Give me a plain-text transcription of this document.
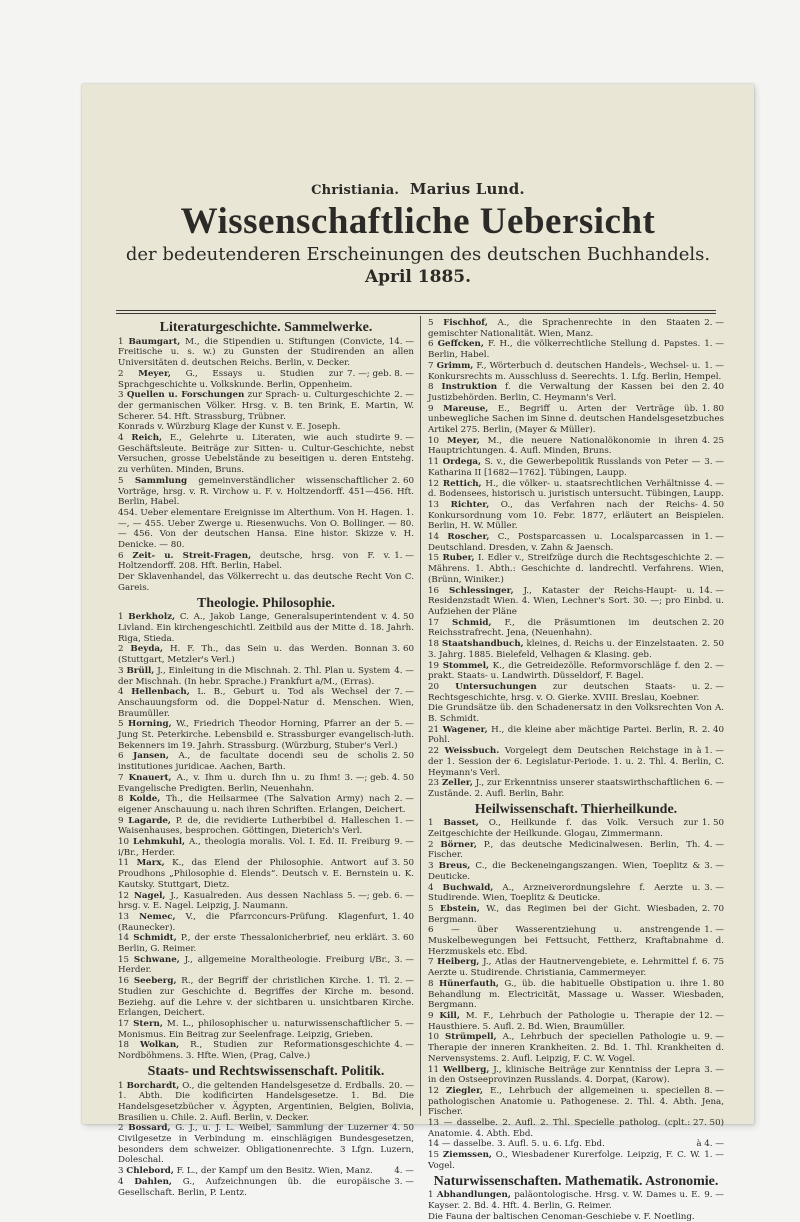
Christiania. Marius Lund.
Wissenschaftliche Uebersicht
der bedeutenderen Erscheinungen des deutschen Buchhandels.
April 1885.
Literaturgeschichte. Sammelwerke.

14. —
1 Baumgart, M., die Stipendien u. Stiftungen (Convicte, Freitische u. s. w.) zu Gunsten der Studirenden an allen Universitäten d. deutschen Reichs. Berlin, v. Decker.

7. —; geb. 8. —
2 Meyer, G., Essays u. Studien zur Sprachgeschichte u. Volkskunde. Berlin, Oppenheim.

2. —
3 Quellen u. Forschungen zur Sprach- u. Culturgeschichte der germanischen Völker. Hrsg. v. B. ten Brink, E. Martin, W. Scherer. 54. Hft. Strassburg, Trübner.

Konrads v. Würzburg Klage der Kunst v. E. Joseph.

9. —
4 Reich, E., Gelehrte u. Literaten, wie auch studirte Geschäftsleute. Beiträge zur Sitten- u. Cultur-Geschichte, nebst Versuchen, grosse Uebelstände zu beseitigen u. deren Entstehg. zu verhüten. Minden, Bruns.

2. 60
5 Sammlung gemeinverständlicher wissenschaftlicher Vorträge, hrsg. v. R. Virchow u. F. v. Holtzendorff. 451—456. Hft. Berlin, Habel.

454. Ueber elementare Ereignisse im Alterthum. Von H. Hagen. 1. —, — 455. Ueber Zwerge u. Riesenwuchs. Von O. Bollinger. — 80. — 456. Von der deutschen Hansa. Eine histor. Skizze v. H. Denicke. — 80.

1. —
6 Zeit- u. Streit-Fragen, deutsche, hrsg. von F. v. Holtzendorff. 208. Hft. Berlin, Habel.

Der Sklavenhandel, das Völkerrecht u. das deutsche Recht Von C. Gareis.

Theologie. Philosophie.

4. 50
1 Berkholz, C. A., Jakob Lange, Generalsuperintendent v. Livland. Ein kirchengeschichtl. Zeitbild aus der Mitte d. 18. Jahrh. Riga, Stieda.

3. 60
2 Beyda, H. F. Th., das Sein u. das Werden. Bonnan (Stuttgart, Metzler's Verl.)

4. —
3 Brüll, J., Einleitung in die Mischnah. 2. Thl. Plan u. System der Mischnah. (In hebr. Sprache.) Frankfurt a/M., (Erras).

7. —
4 Hellenbach, L. B., Geburt u. Tod als Wechsel der Anschauungsform od. die Doppel-Natur d. Menschen. Wien, Braumüller.

5. —
5 Horning, W., Friedrich Theodor Horning, Pfarrer an der Jung St. Peterkirche. Lebensbild e. Strassburger evangelisch-luth. Bekenners im 19. Jahrh. Strassburg. (Würzburg, Stuber's Verl.)

2. 50
6 Jansen, A., de facultate docendi seu de scholis institutiones juridicae. Aachen, Barth.

3. —; geb. 4. 50
7 Knauert, A., v. Ihm u. durch Ihn u. zu Ihm! Evangelische Predigten. Berlin, Neuenhahn.

2. —
8 Kolde, Th., die Heilsarmee (The Salvation Army) nach eigener Anschauung u. nach ihren Schriften. Erlangen, Deichert.

1. —
9 Lagarde, P. de, die revidierte Lutherbibel d. Halleschen Waisenhauses, besprochen. Göttingen, Dieterich's Verl.

9. —
10 Lehmkuhl, A., theologia moralis. Vol. I. Ed. II. Freiburg i/Br., Herder.

3. 50
11 Marx, K., das Elend der Philosophie. Antwort auf Proudhons „Philosophie d. Elends“. Deutsch v. E. Bernstein u. K. Kautsky. Stuttgart, Dietz.

5. —; geb. 6. —
12 Nagel, J., Kasualreden. Aus dessen Nachlass hrsg. v. E. Nagel. Leipzig, J. Naumann.

1. 40
13 Nemec, V., die Pfarrconcurs-Prüfung. Klagenfurt, (Raunecker).

3. 60
14 Schmidt, P., der erste Thessalonicherbrief, neu erklärt. Berlin, G. Reimer.

3. —
15 Schwane, J., allgemeine Moraltheologie. Freiburg i/Br., Herder.

2. —
16 Seeberg, R., der Begriff der christlichen Kirche. 1. Tl. Studien zur Geschichte d. Begriffes der Kirche m. besond. Beziehg. auf die Lehre v. der sichtbaren u. unsichtbaren Kirche. Erlangen, Deichert.

5. —
17 Stern, M. L., philosophischer u. naturwissenschaftlicher Monismus. Ein Beitrag zur Seelenfrage. Leipzig, Grieben.

4. —
18 Wolkan, R., Studien zur Reformationsgeschichte Nordböhmens. 3. Hfte. Wien, (Prag, Calve.)

Staats- und Rechtswissenschaft. Politik.

20. —
1 Borchardt, O., die geltenden Handelsgesetze d. Erdballs. 1. Abth. Die kodificirten Handelsgesetze. 1. Bd. Die Handelsgesetzbücher v. Ägypten, Argentinien, Belgien, Bolivia, Brasilien u. Chile. 2. Aufl. Berlin, v. Decker.

4. 50
2 Bossard, G. J., u. J. L. Weibel, Sammlung der Luzerner Civilgesetze in Verbindung m. einschlägigen Bundesgesetzen, besonders dem schweizer. Obligationenrechte. 3 Lfgn. Luzern, Doleschal.

4. —
3 Chlebord, F. L., der Kampf um den Besitz. Wien, Manz.

3. —
4 Dahlen, G., Aufzeichnungen üb. die europäische Gesellschaft. Berlin, P. Lentz.

2. —
5 Fischhof, A., die Sprachenrechte in den Staaten gemischter Nationalität. Wien, Manz.

1. —
6 Geffcken, F. H., die völkerrechtliche Stellung d. Papstes. Berlin, Habel.

1. —
7 Grimm, F., Wörterbuch d. deutschen Handels-, Wechsel- u. Konkursrechts m. Ausschluss d. Seerechts. 1. Lfg. Berlin, Hempel.

2. 40
8 Instruktion f. die Verwaltung der Kassen bei den Justizbehörden. Berlin, C. Heymann's Verl.

1. 80
9 Mareuse, E., Begriff u. Arten der Verträge üb. unbewegliche Sachen im Sinne d. deutschen Handelsgesetzbuches Artikel 275. Berlin, (Mayer & Müller).

4. 25
10 Meyer, M., die neuere Nationalökonomie in ihren Hauptrichtungen. 4. Aufl. Minden, Bruns.

3. —
11 Ordega, S. v., die Gewerbepolitik Russlands von Peter — Katharina II [1682—1762]. Tübingen, Laupp.

4. —
12 Rettich, H., die völker- u. staatsrechtlichen Verhältnisse d. Bodensees, historisch u. juristisch untersucht. Tübingen, Laupp.

4. 50
13 Richter, O., das Verfahren nach der Reichs-Konkursordnung vom 10. Febr. 1877, erläutert an Beispielen. Berlin, H. W. Müller.

1. —
14 Roscher, C., Postsparcassen u. Localsparcassen in Deutschland. Dresden, v. Zahn & Jaensch.

2. —
15 Ruber, I. Edler v., Streifzüge durch die Rechtsgeschichte Mährens. 1. Abth.: Geschichte d. landrechtl. Verfahrens. Wien, (Brünn, Winiker.)

14. —
16 Schlessinger, J., Kataster der Reichs-Haupt- u. Residenzstadt Wien. 4. Wien, Lechner's Sort. 30. —; pro Einbd. u. Aufziehen der Pläne

2. 20
17 Schmid, F., die Präsumtionen im deutschen Reichsstrafrecht. Jena, (Neuenhahn).

2. 50
18 Staatshandbuch, kleines, d. Reichs u. der Einzelstaaten. 3. Jahrg. 1885. Bielefeld, Velhagen & Klasing. geb.

2. —
19 Stommel, K., die Getreidezölle. Reformvorschläge f. den prakt. Staats- u. Landwirth. Düsseldorf, F. Bagel.

2. —
20 Untersuchungen zur deutschen Staats- u. Rechtsgeschichte, hrsg. v. O. Gierke. XVIII. Breslau, Koebner.

Die Grundsätze üb. den Schadenersatz in den Volksrechten Von A. B. Schmidt.

2. 40
21 Wagener, H., die kleine aber mächtige Partei. Berlin, R. Pohl.

à 1. —
22 Weissbuch. Vorgelegt dem Deutschen Reichstage in der 1. Session der 6. Legislatur-Periode. 1. u. 2. Thl. 4. Berlin, C. Heymann's Verl.

6. —
23 Zeller, J., zur Erkenntniss unserer staatswirthschaftlichen Zustände. 2. Aufl. Berlin, Bahr.

Heilwissenschaft. Thierheilkunde.

1. 50
1 Basset, O., Heilkunde f. das Volk. Versuch zur Zeitgeschichte der Heilkunde. Glogau, Zimmermann.

4. —
2 Börner, P., das deutsche Medicinalwesen. Berlin, Th. Fischer.

3. —
3 Breus, C., die Beckeneingangszangen. Wien, Toeplitz & Deuticke.

3. —
4 Buchwald, A., Arzneiverordnungslehre f. Aerzte u. Studirende. Wien, Toeplitz & Deuticke.

2. 70
5 Ebstein, W., das Regimen bei der Gicht. Wiesbaden, Bergmann.

1. —
6 — über Wasserentziehung u. anstrengende Muskelbewegungen bei Fettsucht, Fettherz, Kraftabnahme d. Herzmuskels etc. Ebd.

6. 75
7 Heiberg, J., Atlas der Hautnervengebiete, e. Lehrmittel f. Aerzte u. Studirende. Christiania, Cammermeyer.

1. 80
8 Hünerfauth, G., üb. die habituelle Obstipation u. ihre Behandlung m. Electricität, Massage u. Wasser. Wiesbaden, Bergmann.

12. —
9 Kill, M. F., Lehrbuch der Pathologie u. Therapie der Hausthiere. 5. Aufl. 2. Bd. Wien, Braumüller.

9. —
10 Strümpell, A., Lehrbuch der speciellen Pathologie u. Therapie der inneren Krankheiten. 2. Bd. 1. Thl. Krankheiten d. Nervensystems. 2. Aufl. Leipzig, F. C. W. Vogel.

3. —
11 Wellberg, J., klinische Beiträge zur Kenntniss der Lepra in den Ostseeprovinzen Russlands. 4. Dorpat, (Karow).

8. —
12 Ziegler, E., Lehrbuch der allgemeinen u. speciellen pathologischen Anatomie u. Pathogenese. 2. Thl. 4. Abth. Jena, Fischer.

(cplt.: 27. 50)
13 — dasselbe. 2. Aufl. 2. Thl. Specielle patholog. Anatomie. 4. Abth. Ebd.

à 4. —
14 — dasselbe. 3. Aufl. 5. u. 6. Lfg. Ebd.

1. —
15 Ziemssen, O., Wiesbadener Kurerfolge. Leipzig, F. C. W. Vogel.

Naturwissenschaften. Mathematik. Astronomie.

9. —
1 Abhandlungen, paläontologische. Hrsg. v. W. Dames u. E. Kayser. 2. Bd. 4. Hft. 4. Berlin, G. Reimer.

Die Fauna der baltischen Cenoman-Geschiebe v. F. Noetling.
